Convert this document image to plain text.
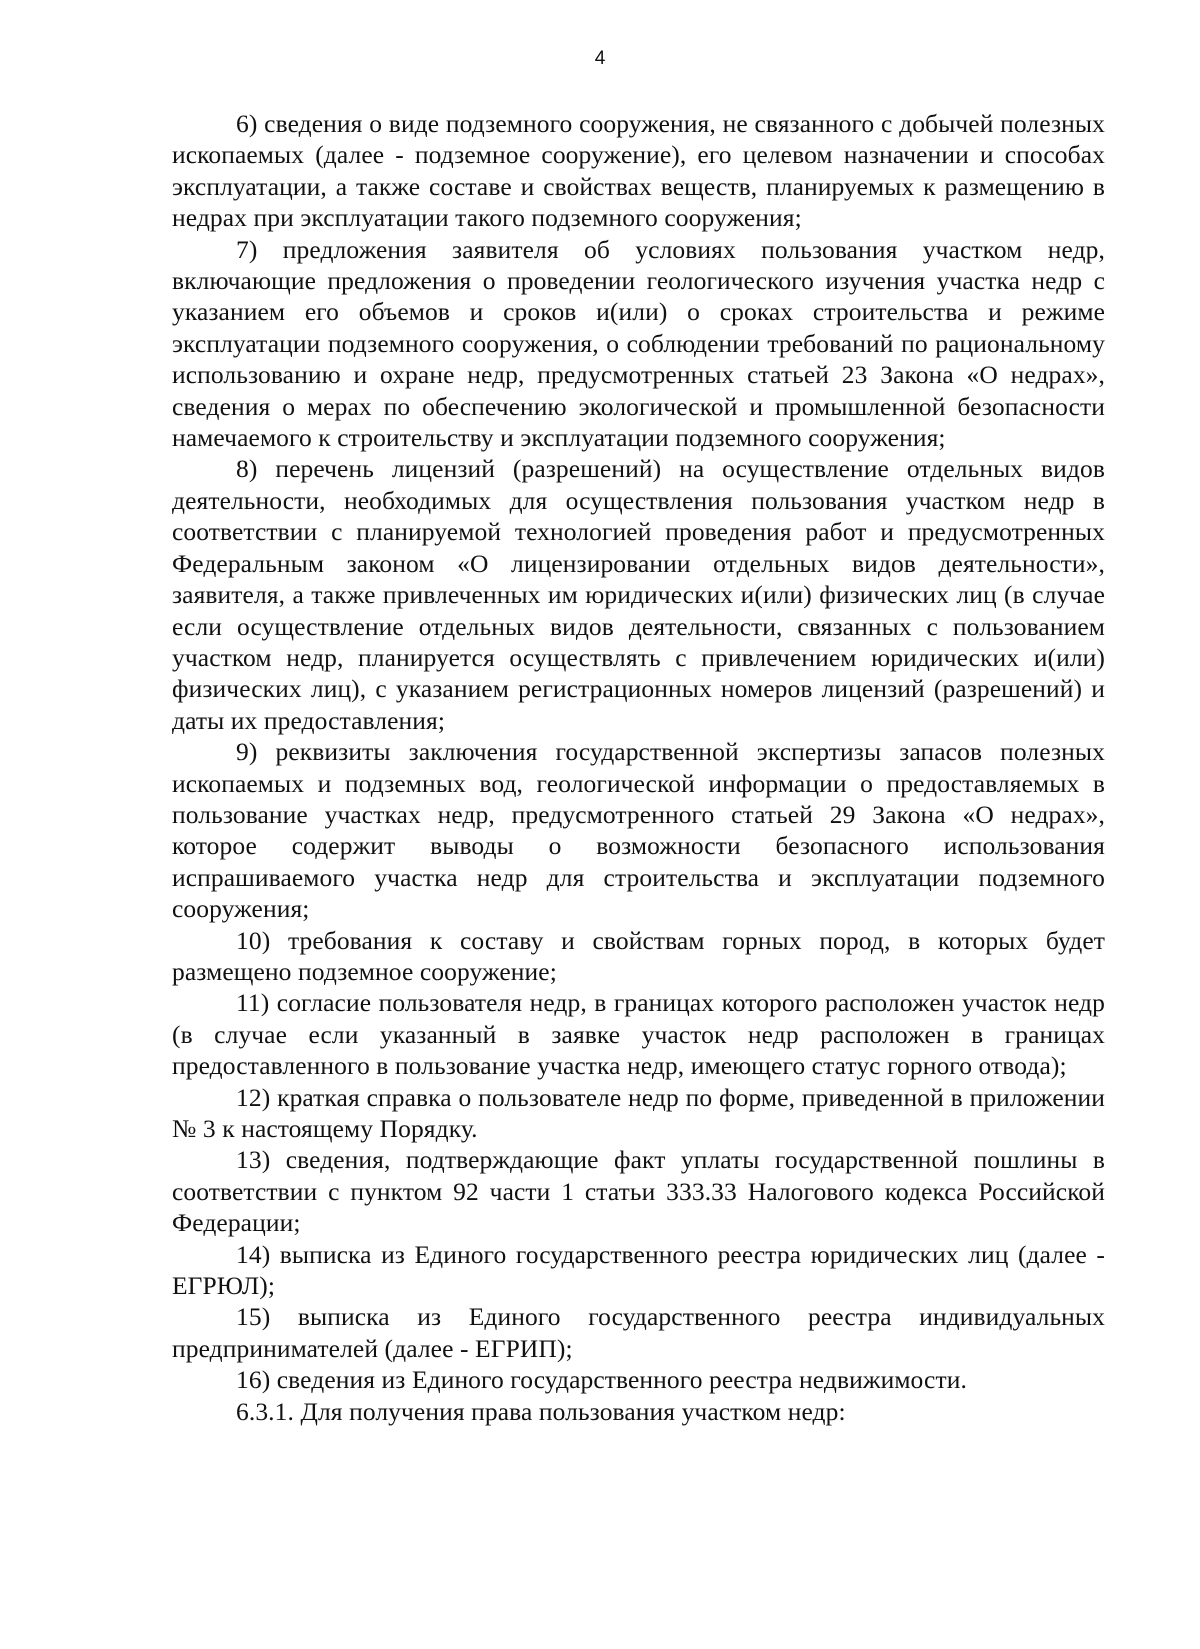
4

6) сведения о виде подземного сооружения, не связанного с добычей полезных ископаемых (далее - подземное сооружение), его целевом назначении и способах эксплуатации, а также составе и свойствах веществ, планируемых к размещению в недрах при эксплуатации такого подземного сооружения;

7) предложения заявителя об условиях пользования участком недр, включающие предложения о проведении геологического изучения участка недр с указанием его объемов и сроков и(или) о сроках строительства и режиме эксплуатации подземного сооружения, о соблюдении требований по рациональному использованию и охране недр, предусмотренных статьей 23 Закона «О недрах», сведения о мерах по обеспечению экологической и промышленной безопасности намечаемого к строительству и эксплуатации подземного сооружения;

8) перечень лицензий (разрешений) на осуществление отдельных видов деятельности, необходимых для осуществления пользования участком недр в соответствии с планируемой технологией проведения работ и предусмотренных Федеральным законом «О лицензировании отдельных видов деятельности», заявителя, а также привлеченных им юридических и(или) физических лиц (в случае если осуществление отдельных видов деятельности, связанных с пользованием участком недр, планируется осуществлять с привлечением юридических и(или) физических лиц), с указанием регистрационных номеров лицензий (разрешений) и даты их предоставления;

9) реквизиты заключения государственной экспертизы запасов полезных ископаемых и подземных вод, геологической информации о предоставляемых в пользование участках недр, предусмотренного статьей 29 Закона «О недрах», которое содержит выводы о возможности безопасного использования испрашиваемого участка недр для строительства и эксплуатации подземного сооружения;

10) требования к составу и свойствам горных пород, в которых будет размещено подземное сооружение;

11) согласие пользователя недр, в границах которого расположен участок недр (в случае если указанный в заявке участок недр расположен в границах предоставленного в пользование участка недр, имеющего статус горного отвода);

12) краткая справка о пользователе недр по форме, приведенной в приложении № 3 к настоящему Порядку.

13) сведения, подтверждающие факт уплаты государственной пошлины в соответствии с пунктом 92 части 1 статьи 333.33 Налогового кодекса Российской Федерации;

14) выписка из Единого государственного реестра юридических лиц (далее - ЕГРЮЛ);

15) выписка из Единого государственного реестра индивидуальных предпринимателей (далее - ЕГРИП);

16) сведения из Единого государственного реестра недвижимости.

6.3.1. Для получения права пользования участком недр:
